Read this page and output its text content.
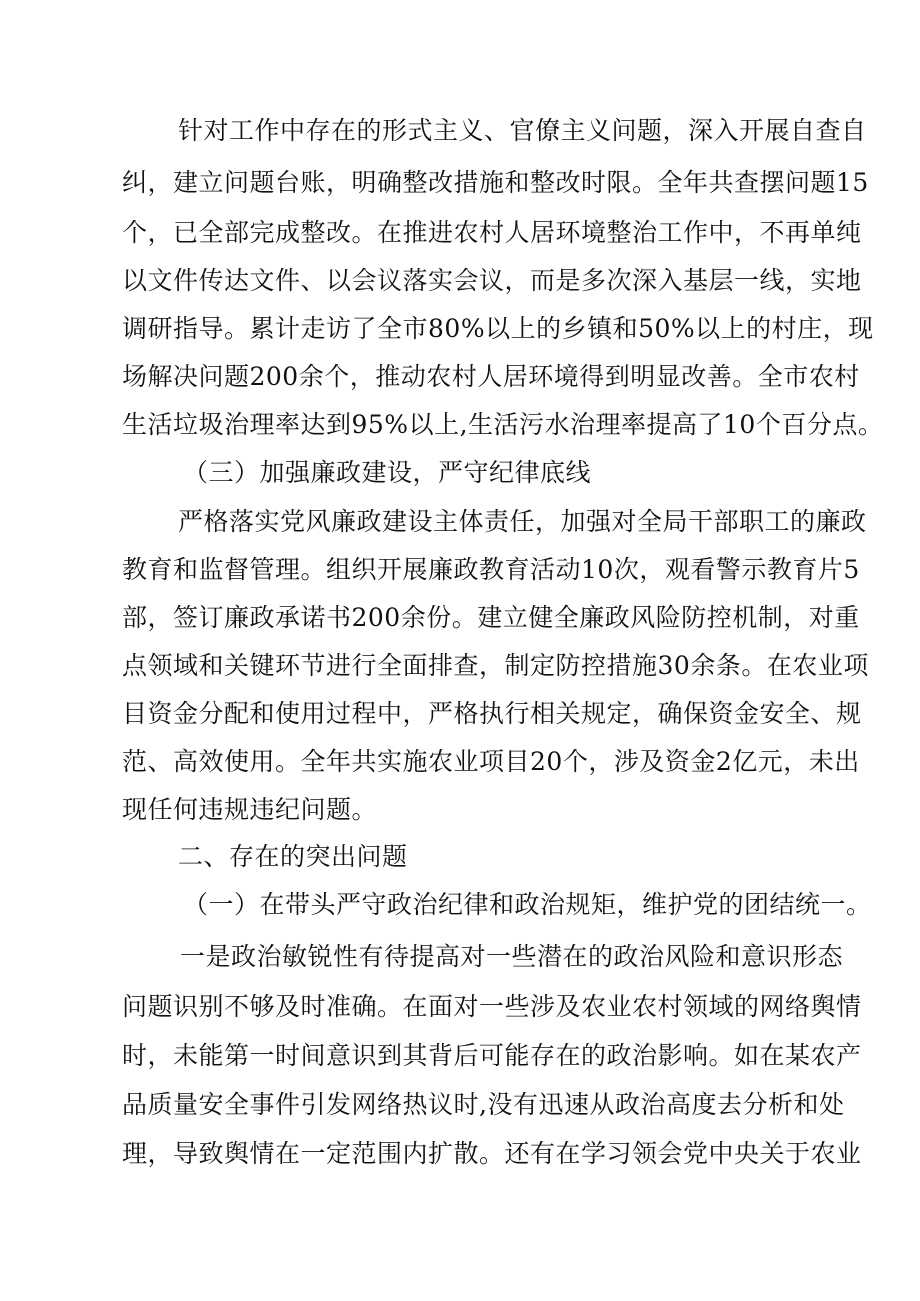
针对工作中存在的形式主义、官僚主义问题，深入开展自查自
纠，建立问题台账，明确整改措施和整改时限。全年共查摆问题15
个，已全部完成整改。在推进农村人居环境整治工作中，不再单纯
以文件传达文件、以会议落实会议，而是多次深入基层一线，实地
调研指导。累计走访了全市80%以上的乡镇和50%以上的村庄，现
场解决问题200余个，推动农村人居环境得到明显改善。全市农村
生活垃圾治理率达到95%以上,生活污水治理率提高了10个百分点。
（三）加强廉政建设，严守纪律底线
严格落实党风廉政建设主体责任，加强对全局干部职工的廉政
教育和监督管理。组织开展廉政教育活动10次，观看警示教育片5
部，签订廉政承诺书200余份。建立健全廉政风险防控机制，对重
点领域和关键环节进行全面排查，制定防控措施30余条。在农业项
目资金分配和使用过程中，严格执行相关规定，确保资金安全、规
范、高效使用。全年共实施农业项目20个，涉及资金2亿元，未出
现任何违规违纪问题。
二、存在的突出问题
（一）在带头严守政治纪律和政治规矩，维护党的团结统一。
一是政治敏锐性有待提高对一些潜在的政治风险和意识形态
问题识别不够及时准确。在面对一些涉及农业农村领域的网络舆情
时，未能第一时间意识到其背后可能存在的政治影响。如在某农产
品质量安全事件引发网络热议时,没有迅速从政治高度去分析和处
理，导致舆情在一定范围内扩散。还有在学习领会党中央关于农业
